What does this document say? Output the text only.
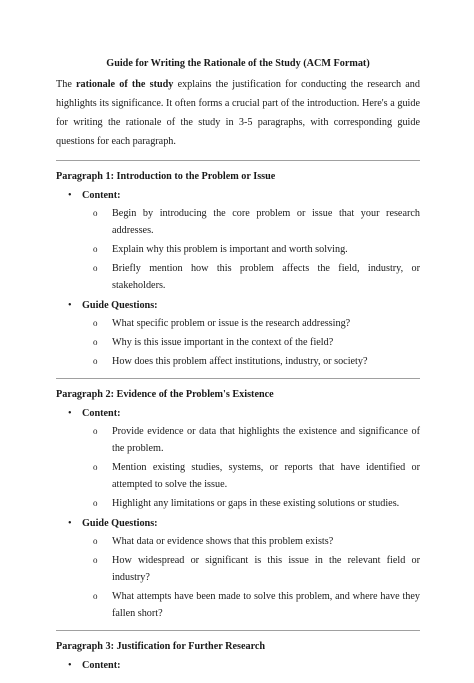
Guide for Writing the Rationale of the Study (ACM Format)

The rationale of the study explains the justification for conducting the research and highlights its significance. It often forms a crucial part of the introduction. Here's a guide for writing the rationale of the study in 3-5 paragraphs, with corresponding guide questions for each paragraph.

Paragraph 1: Introduction to the Problem or Issue
• Content:
o Begin by introducing the core problem or issue that your research addresses.
o Explain why this problem is important and worth solving.
o Briefly mention how this problem affects the field, industry, or stakeholders.
• Guide Questions:
o What specific problem or issue is the research addressing?
o Why is this issue important in the context of the field?
o How does this problem affect institutions, industry, or society?
Paragraph 2: Evidence of the Problem's Existence
• Content:
o Provide evidence or data that highlights the existence and significance of the problem.
o Mention existing studies, systems, or reports that have identified or attempted to solve the issue.
o Highlight any limitations or gaps in these existing solutions or studies.
• Guide Questions:
o What data or evidence shows that this problem exists?
o How widespread or significant is this issue in the relevant field or industry?
o What attempts have been made to solve this problem, and where have they fallen short?
Paragraph 3: Justification for Further Research
• Content:
